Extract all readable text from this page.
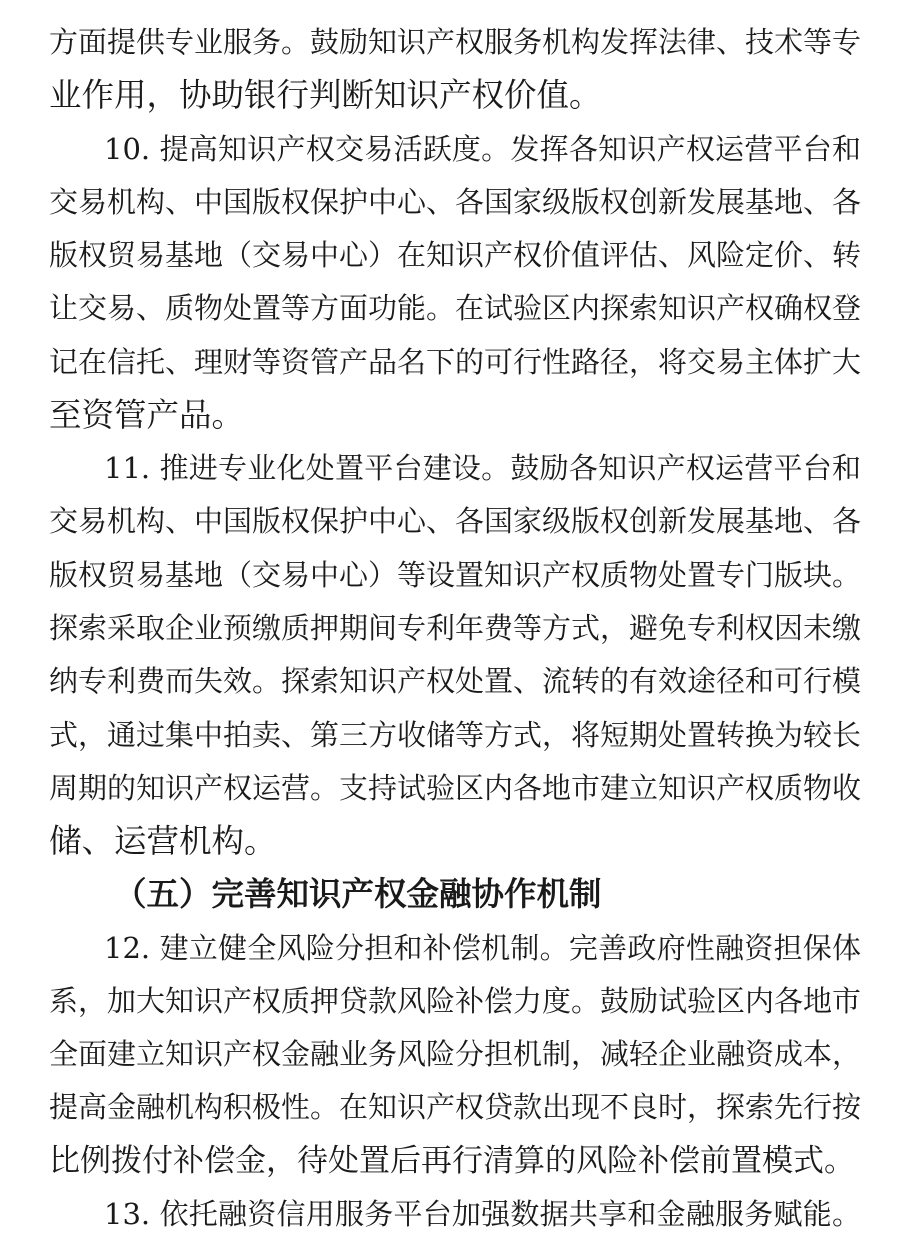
方面提供专业服务。鼓励知识产权服务机构发挥法律、技术等专
业作用，协助银行判断知识产权价值。
10. 提高知识产权交易活跃度。发挥各知识产权运营平台和
交易机构、中国版权保护中心、各国家级版权创新发展基地、各
版权贸易基地（交易中心）在知识产权价值评估、风险定价、转
让交易、质物处置等方面功能。在试验区内探索知识产权确权登
记在信托、理财等资管产品名下的可行性路径，将交易主体扩大
至资管产品。
11. 推进专业化处置平台建设。鼓励各知识产权运营平台和
交易机构、中国版权保护中心、各国家级版权创新发展基地、各
版权贸易基地（交易中心）等设置知识产权质物处置专门版块。
探索采取企业预缴质押期间专利年费等方式，避免专利权因未缴
纳专利费而失效。探索知识产权处置、流转的有效途径和可行模
式，通过集中拍卖、第三方收储等方式，将短期处置转换为较长
周期的知识产权运营。支持试验区内各地市建立知识产权质物收
储、运营机构。
（五）完善知识产权金融协作机制
12. 建立健全风险分担和补偿机制。完善政府性融资担保体
系，加大知识产权质押贷款风险补偿力度。鼓励试验区内各地市
全面建立知识产权金融业务风险分担机制，减轻企业融资成本，
提高金融机构积极性。在知识产权贷款出现不良时，探索先行按
比例拨付补偿金，待处置后再行清算的风险补偿前置模式。
13. 依托融资信用服务平台加强数据共享和金融服务赋能。
